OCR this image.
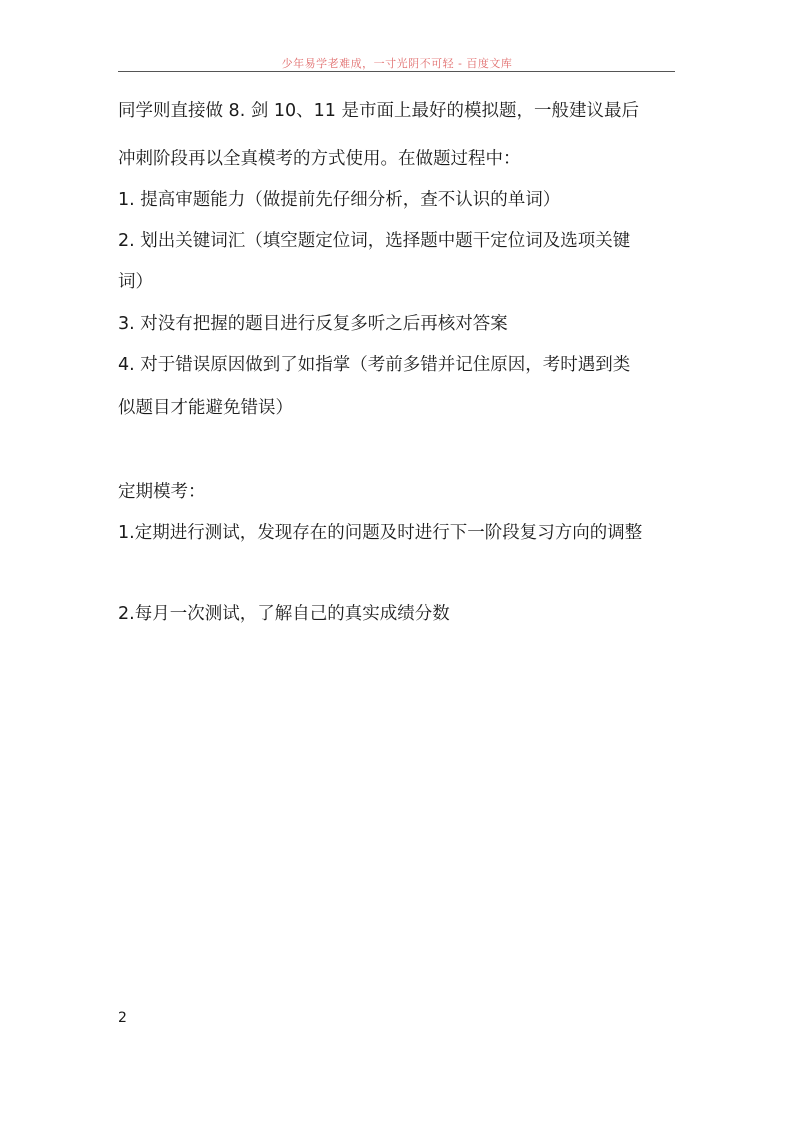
少年易学老难成，一寸光阴不可轻 - 百度文库
同学则直接做 8. 剑 10、11 是市面上最好的模拟题，一般建议最后
冲刺阶段再以全真模考的方式使用。在做题过程中：
1. 提高审题能力（做提前先仔细分析，查不认识的单词）
2. 划出关键词汇（填空题定位词，选择题中题干定位词及选项关键
词）
3. 对没有把握的题目进行反复多听之后再核对答案
4. 对于错误原因做到了如指掌（考前多错并记住原因，考时遇到类
似题目才能避免错误）
定期模考：
1.定期进行测试，发现存在的问题及时进行下一阶段复习方向的调整
2.每月一次测试，了解自己的真实成绩分数
2
